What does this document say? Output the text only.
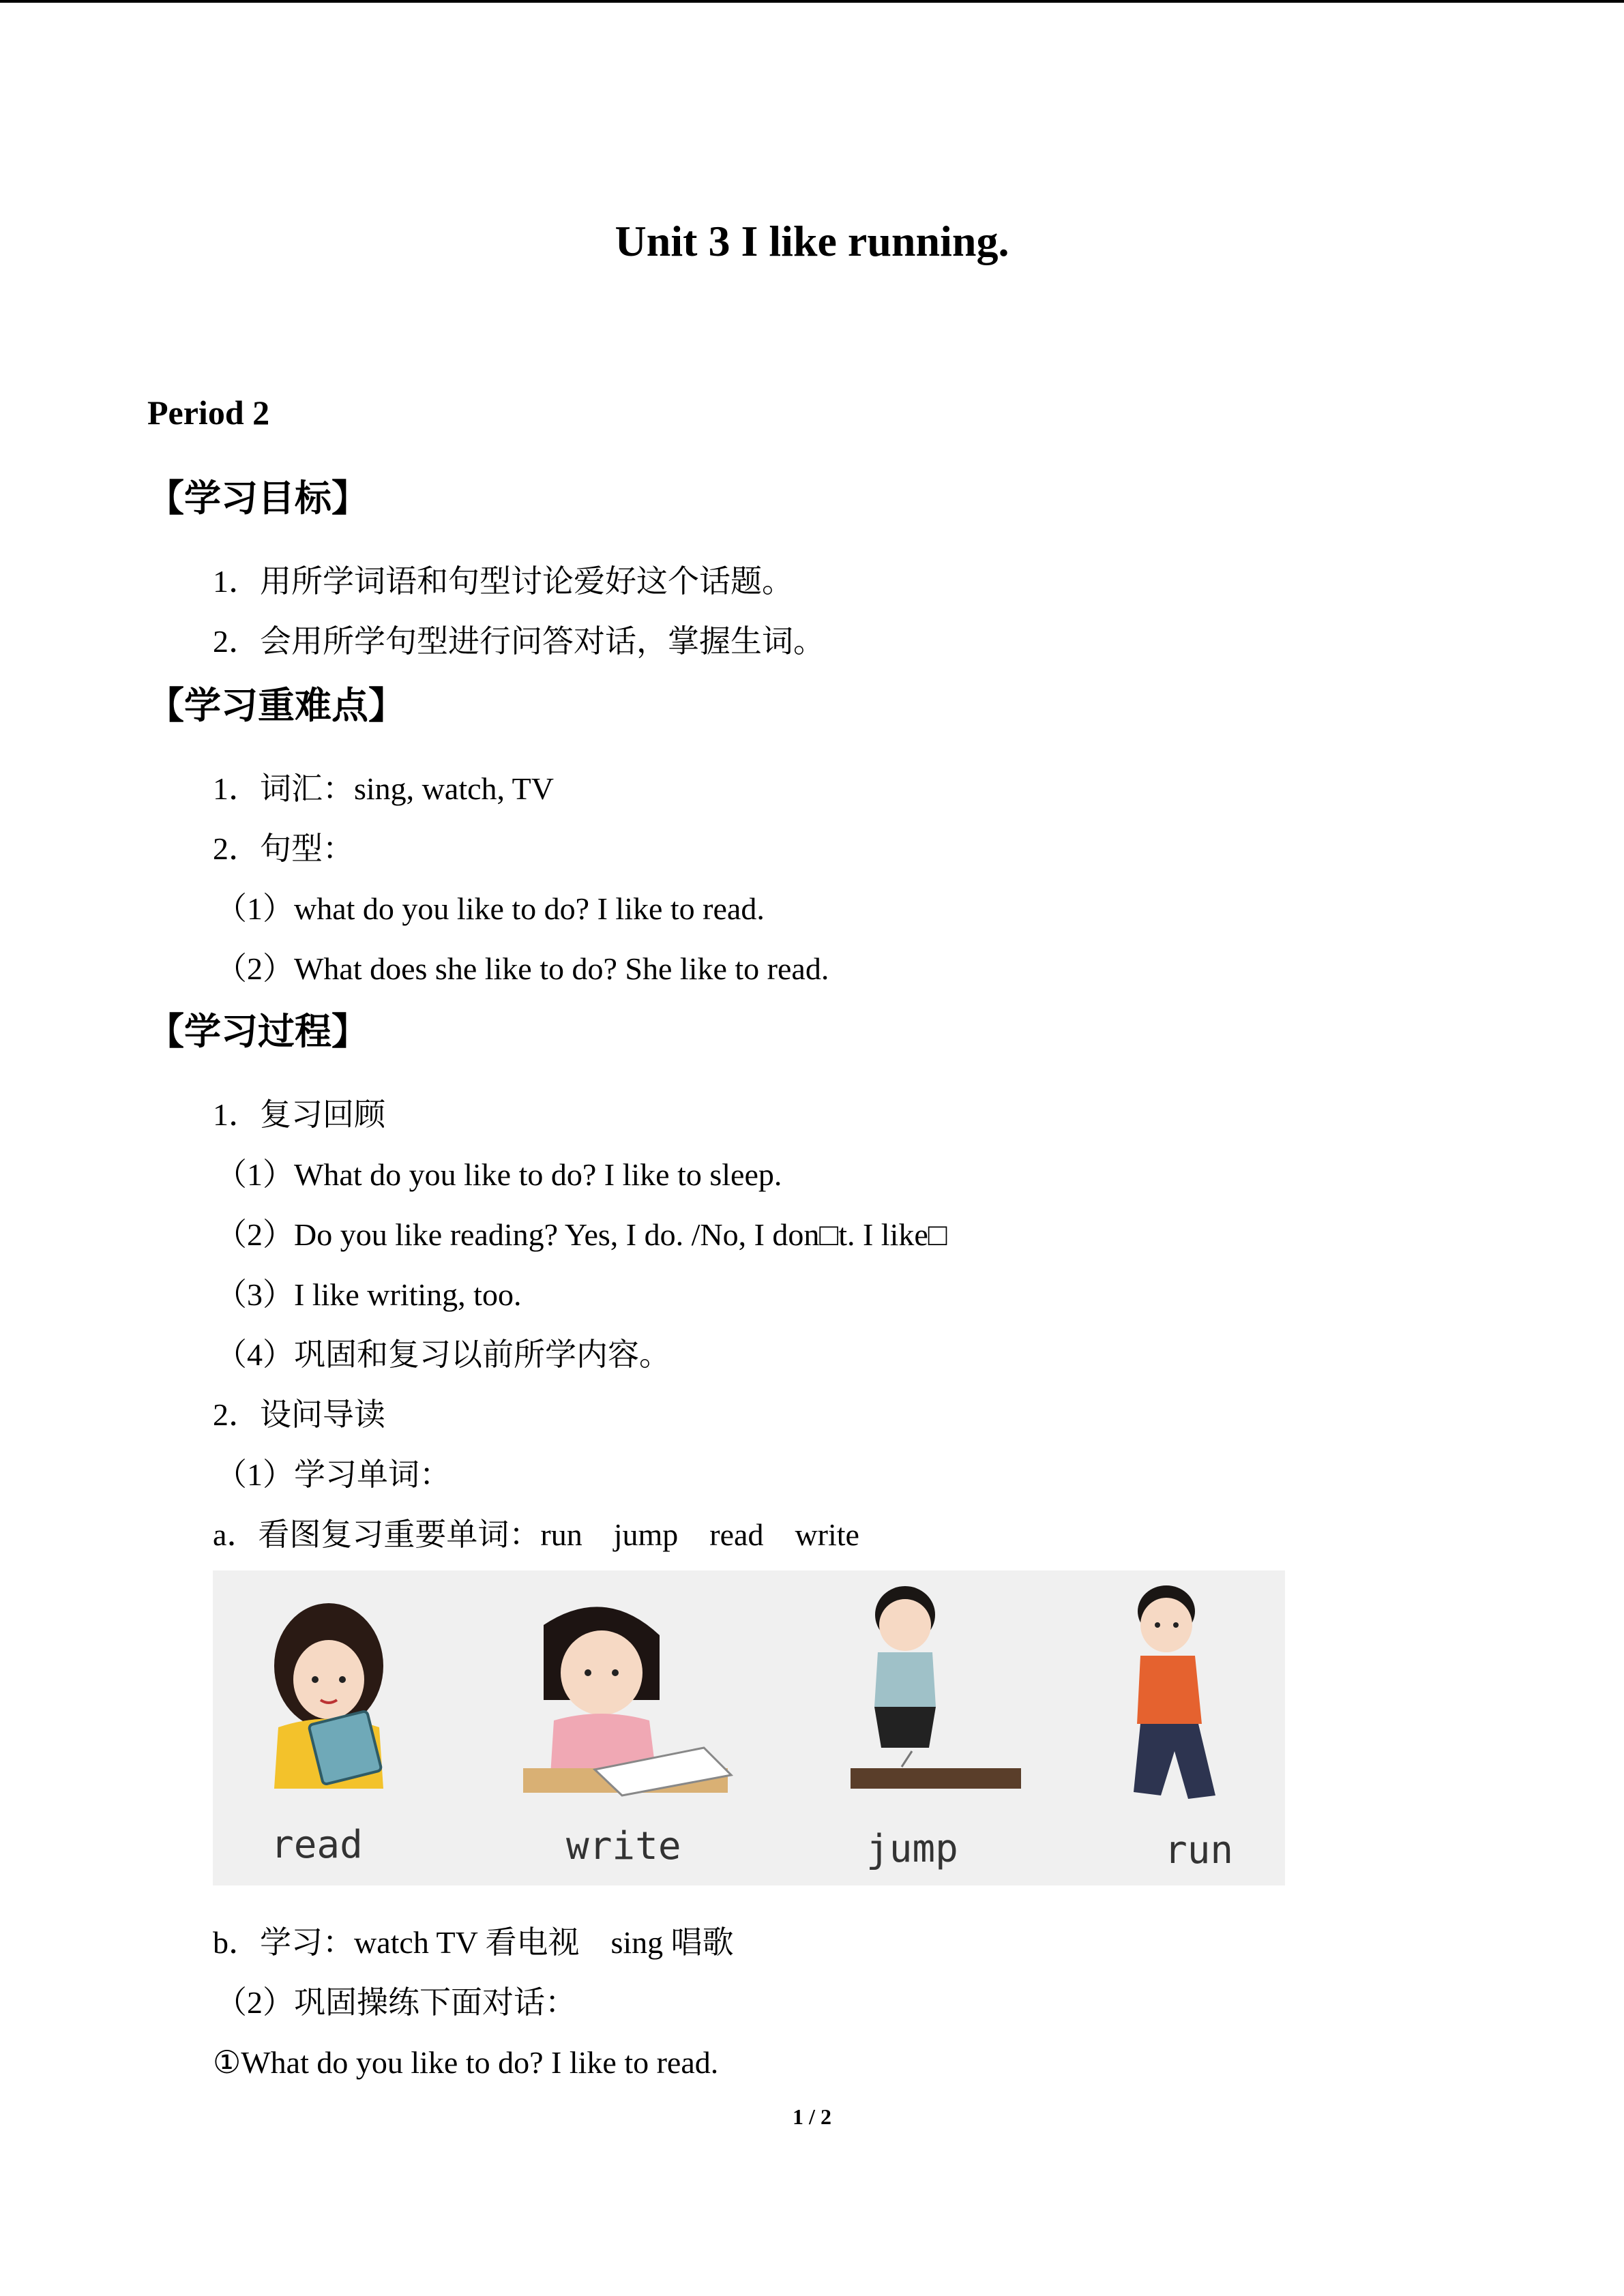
Unit 3 I like running.
Period 2
【学习目标】
1．用所学词语和句型讨论爱好这个话题。
2．会用所学句型进行问答对话，掌握生词。
【学习重难点】
1．词汇：sing, watch, TV
2．句型：
（1）what do you like to do? I like to read.
（2）What does she like to do? She like to read.
【学习过程】
1．复习回顾
（1）What do you like to do? I like to sleep.
（2）Do you like reading? Yes, I do. /No, I don□t. I like□
（3）I like writing, too.
（4）巩固和复习以前所学内容。
2．设问导读
（1）学习单词：
a．看图复习重要单词：run　jump　read　write
read	write	jump	run
b．学习：watch TV 看电视　sing 唱歌
（2）巩固操练下面对话：
①What do you like to do? I like to read.
1 / 2
